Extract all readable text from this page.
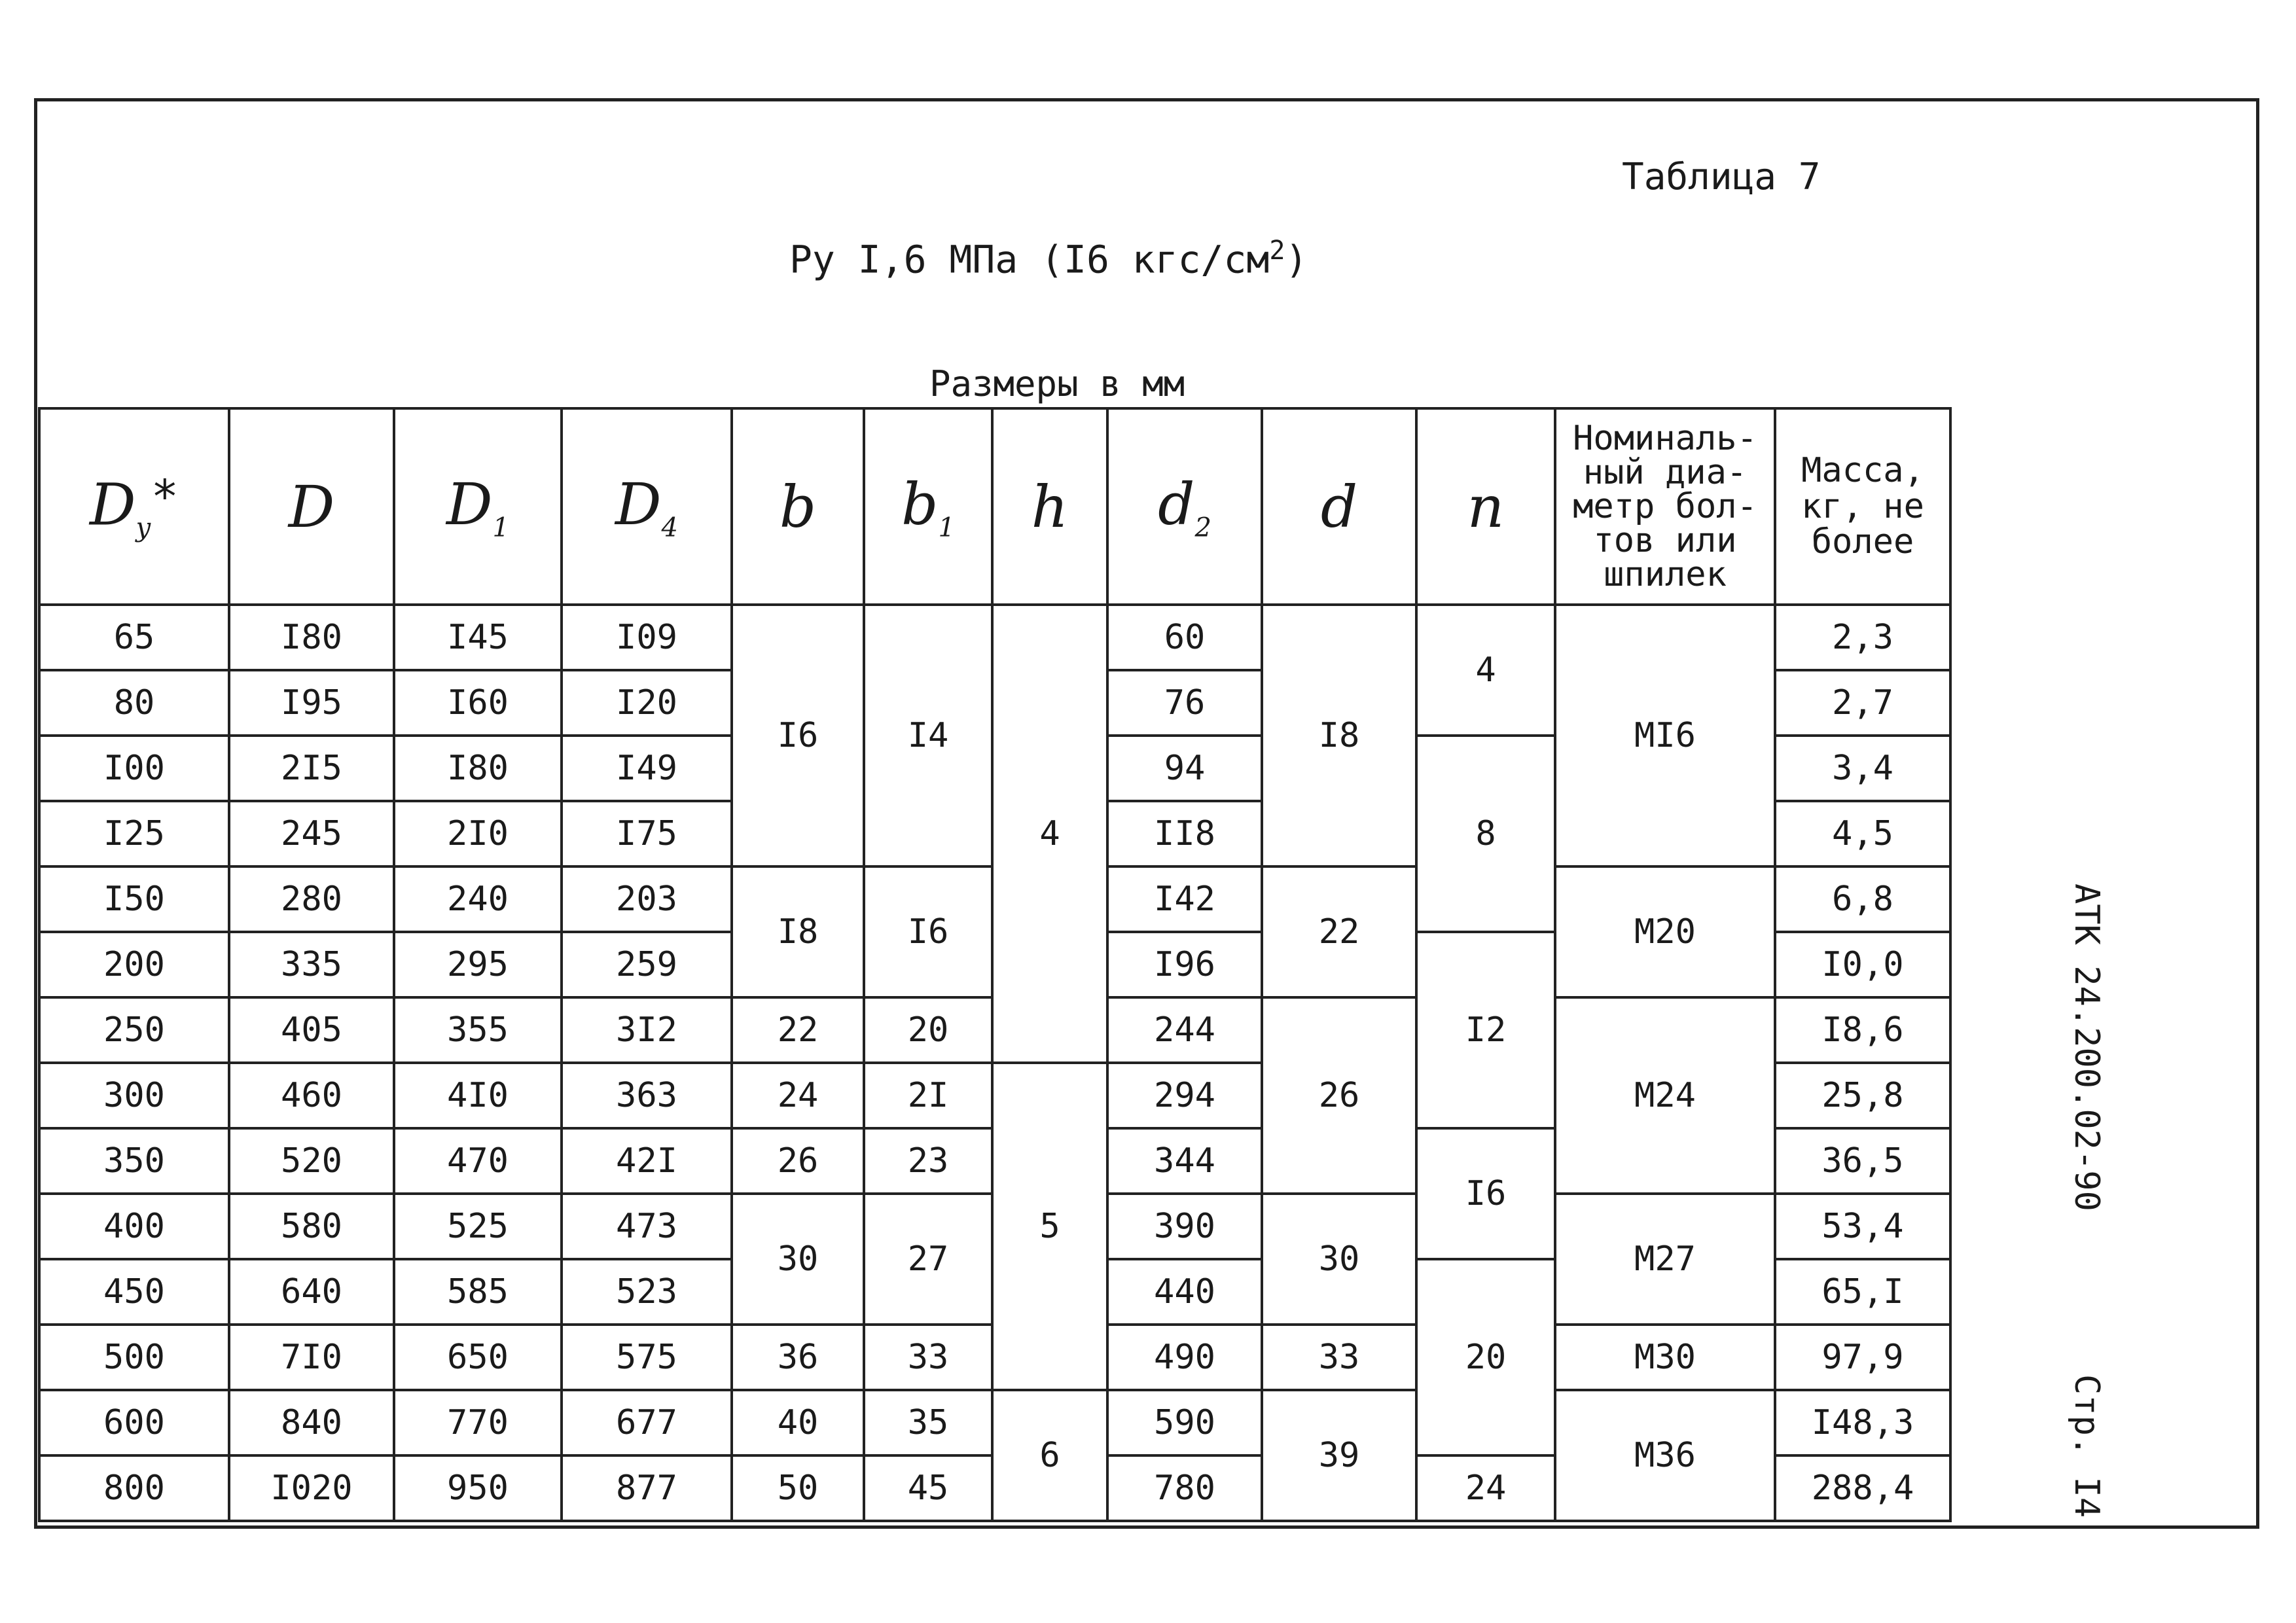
Таблица 7
Ру I,6 МПа (I6 кгс/$см^2$)
Размеры в мм
АТК 24.200.02-90
Стр. I4
$D_у*$	D	$D_1$	$D_4$	b	$b_1$	h	$d_2$	d	n	Номиналь-ный диа-метр бол-тов или шпилек	Масса, кг, не более
65	I80	I45	I09	I6	I4	4	60	I8	4	MI6	2,3
80	I95	I60	I20				76				2,7
I00	2I5	I80	I49				94		8		3,4
I25	245	2I0	I75				II8				4,5
I50	280	240	203	I8	I6		I42	22		M20	6,8
200	335	295	259				I96		I2		I0,0
250	405	355	3I2	22	20		244	26		M24	I8,6
300	460	4I0	363	24	2I	5	294				25,8
350	520	470	42I	26	23		344		I6		36,5
400	580	525	473	30	27		390	30		M27	53,4
450	640	585	523				440		20		65,I
500	7I0	650	575	36	33		490	33		M30	97,9
600	840	770	677	40	35	6	590	39		M36	I48,3
800	I020	950	877	50	45		780		24		288,4
